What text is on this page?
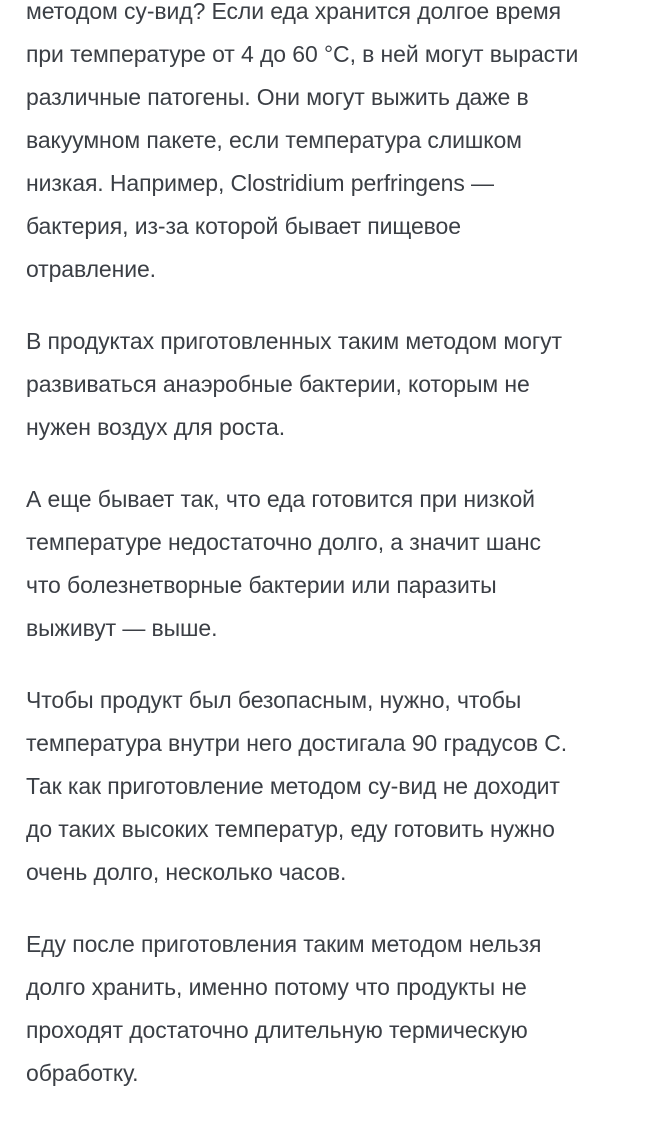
методом су-вид? Если еда хранится долгое время
при температуре от 4 до 60 °С, в ней могут вырасти
различные патогены. Они могут выжить даже в
вакуумном пакете, если температура слишком
низкая. Например, Clostridium perfringens —
бактерия, из-за которой бывает пищевое
отравление.

В продуктах приготовленных таким методом могут
развиваться анаэробные бактерии, которым не
нужен воздух для роста.

А еще бывает так, что еда готовится при низкой
температуре недостаточно долго, а значит шанс
что болезнетворные бактерии или паразиты
выживут — выше.

Чтобы продукт был безопасным, нужно, чтобы
температура внутри него достигала 90 градусов С.
Так как приготовление методом су-вид не доходит
до таких высоких температур, еду готовить нужно
очень долго, несколько часов.

Еду после приготовления таким методом нельзя
долго хранить, именно потому что продукты не
проходят достаточно длительную термическую
обработку.
